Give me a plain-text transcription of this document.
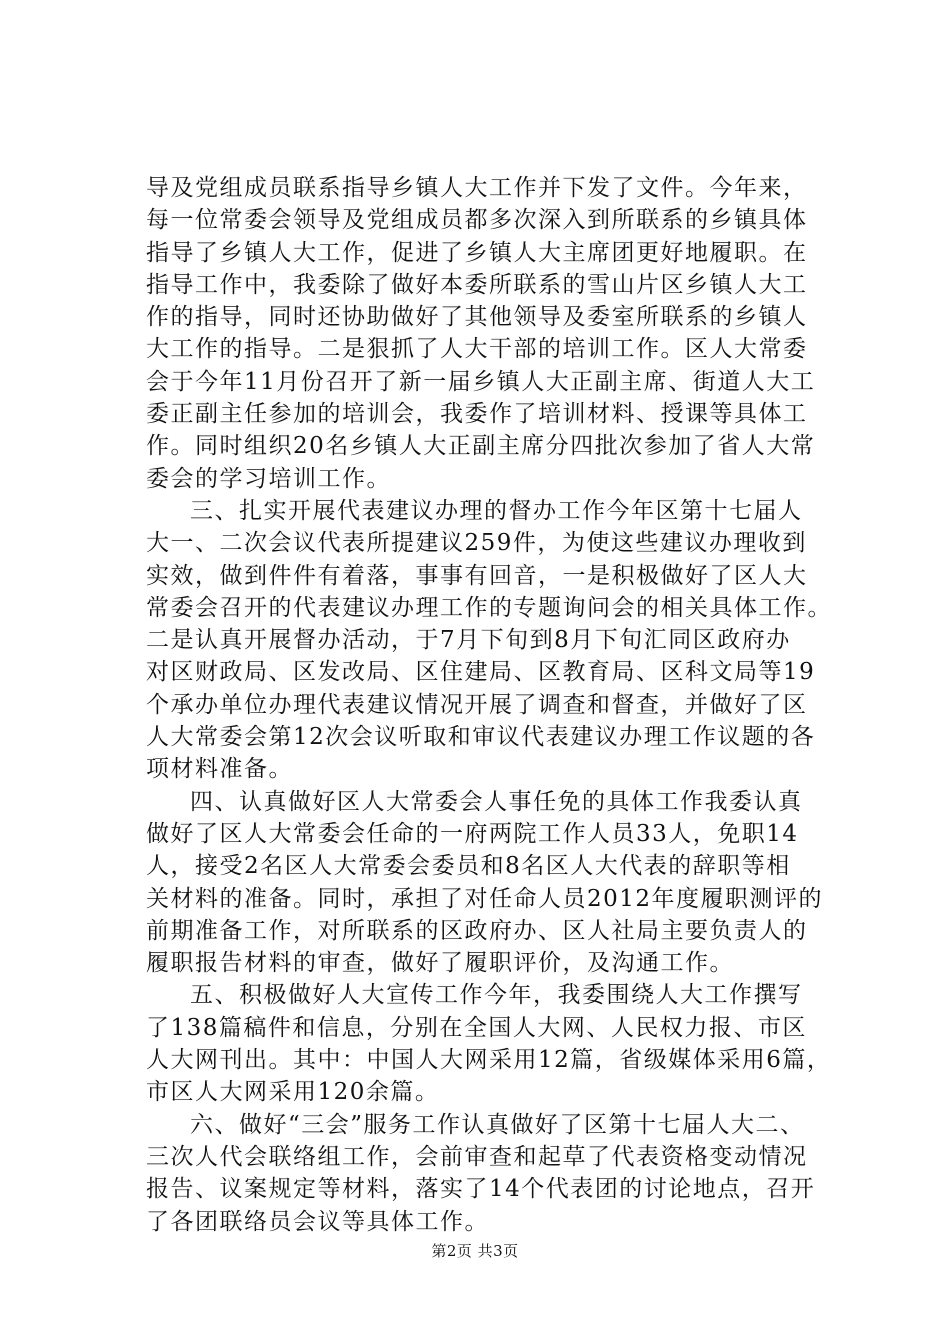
导及党组成员联系指导乡镇人大工作并下发了文件。今年来，
每一位常委会领导及党组成员都多次深入到所联系的乡镇具体
指导了乡镇人大工作，促进了乡镇人大主席团更好地履职。在
指导工作中，我委除了做好本委所联系的雪山片区乡镇人大工
作的指导，同时还协助做好了其他领导及委室所联系的乡镇人
大工作的指导。二是狠抓了人大干部的培训工作。区人大常委
会于今年11月份召开了新一届乡镇人大正副主席、街道人大工
委正副主任参加的培训会，我委作了培训材料、授课等具体工
作。同时组织20名乡镇人大正副主席分四批次参加了省人大常
委会的学习培训工作。
三、扎实开展代表建议办理的督办工作今年区第十七届人
大一、二次会议代表所提建议259件，为使这些建议办理收到
实效，做到件件有着落，事事有回音，一是积极做好了区人大
常委会召开的代表建议办理工作的专题询问会的相关具体工作。
二是认真开展督办活动，于7月下旬到8月下旬汇同区政府办
对区财政局、区发改局、区住建局、区教育局、区科文局等19
个承办单位办理代表建议情况开展了调查和督查，并做好了区
人大常委会第12次会议听取和审议代表建议办理工作议题的各
项材料准备。
四、认真做好区人大常委会人事任免的具体工作我委认真
做好了区人大常委会任命的一府两院工作人员33人，免职14
人，接受2名区人大常委会委员和8名区人大代表的辞职等相
关材料的准备。同时，承担了对任命人员2012年度履职测评的
前期准备工作，对所联系的区政府办、区人社局主要负责人的
履职报告材料的审查，做好了履职评价，及沟通工作。
五、积极做好人大宣传工作今年，我委围绕人大工作撰写
了138篇稿件和信息，分别在全国人大网、人民权力报、市区
人大网刊出。其中：中国人大网采用12篇，省级媒体采用6篇，
市区人大网采用120余篇。
六、做好“三会”服务工作认真做好了区第十七届人大二、
三次人代会联络组工作，会前审查和起草了代表资格变动情况
报告、议案规定等材料，落实了14个代表团的讨论地点，召开
了各团联络员会议等具体工作。
第2页 共3页
